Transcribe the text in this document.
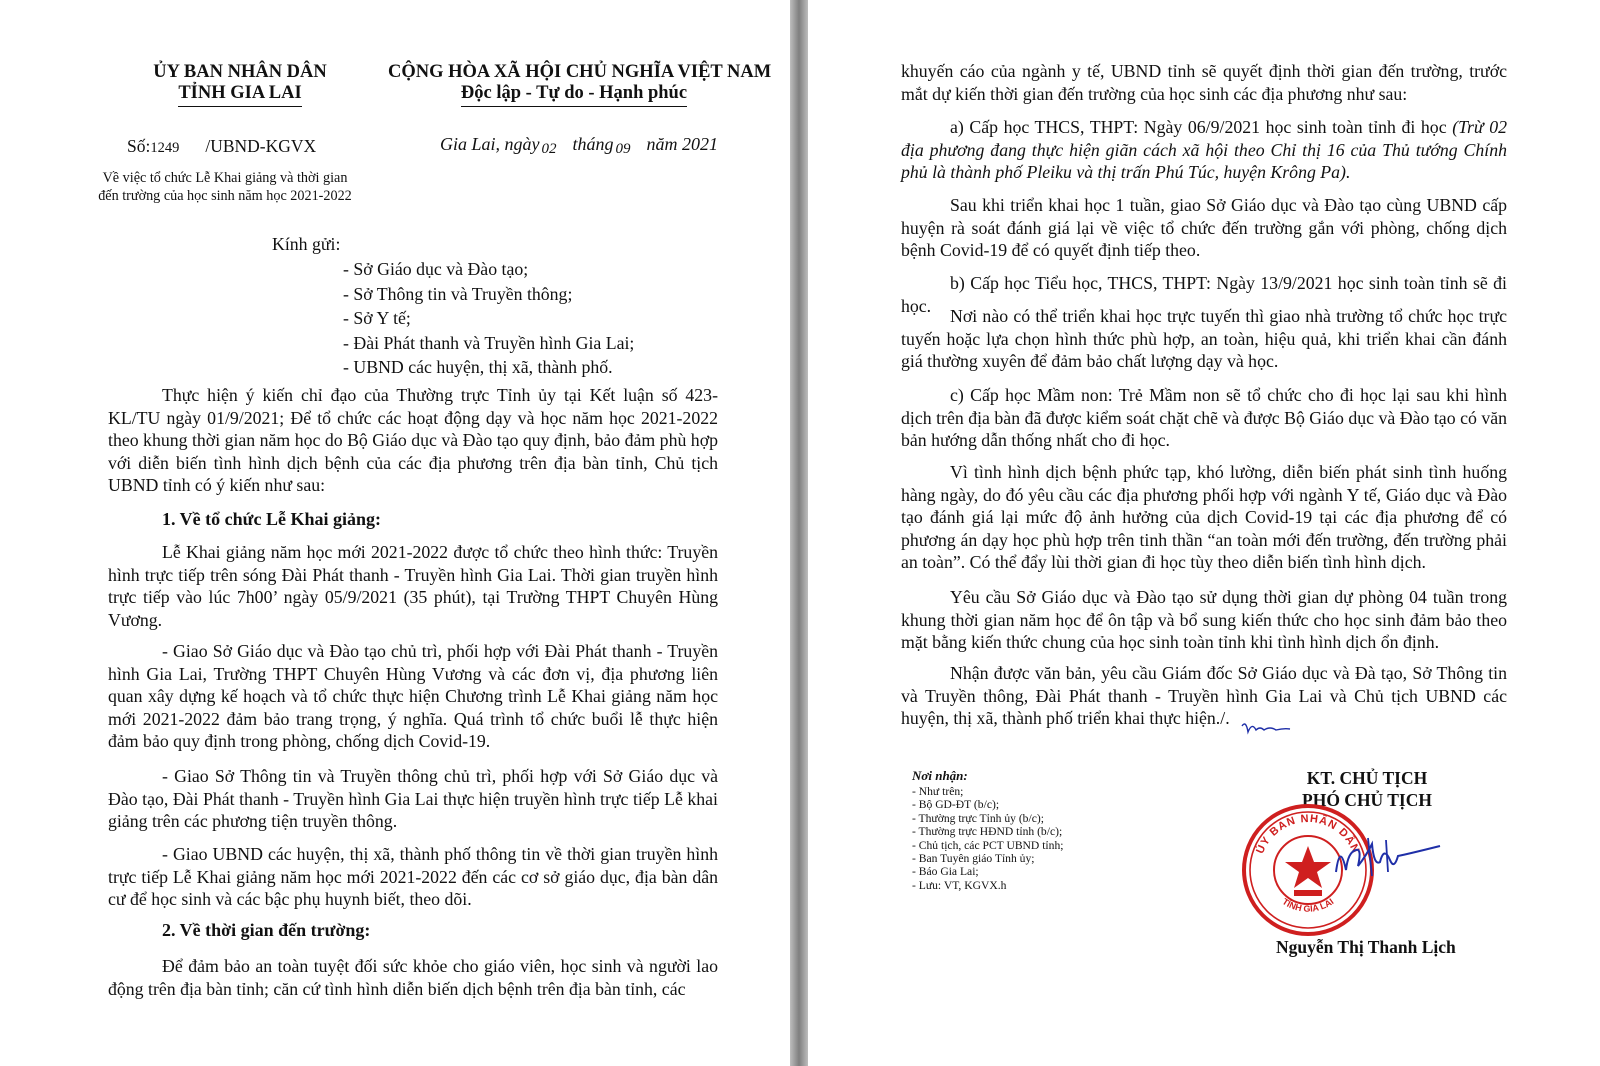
ỦY BAN NHÂN DÂN
TỈNH GIA LAI
CỘNG HÒA XÃ HỘI CHỦ NGHĨA VIỆT NAM
Độc lập - Tự do - Hạnh phúc
Số:1249 /UBND-KGVX	Gia Lai, ngày 02 tháng 09 năm 2021
Về việc tổ chức Lễ Khai giảng và thời gian
đến trường của học sinh năm học 2021-2022
Kính gửi:
- Sở Giáo dục và Đào tạo;
- Sở Thông tin và Truyền thông;
- Sở Y tế;
- Đài Phát thanh và Truyền hình Gia Lai;
- UBND các huyện, thị xã, thành phố.

Thực hiện ý kiến chỉ đạo của Thường trực Tỉnh ủy tại Kết luận số 423-KL/TU ngày 01/9/2021; Để tổ chức các hoạt động dạy và học năm học 2021-2022 theo khung thời gian năm học do Bộ Giáo dục và Đào tạo quy định, bảo đảm phù hợp với diễn biến tình hình dịch bệnh của các địa phương trên địa bàn tỉnh, Chủ tịch UBND tỉnh có ý kiến như sau:

1. Về tổ chức Lễ Khai giảng:

Lễ Khai giảng năm học mới 2021-2022 được tổ chức theo hình thức: Truyền hình trực tiếp trên sóng Đài Phát thanh - Truyền hình Gia Lai. Thời gian truyền hình trực tiếp vào lúc 7h00’ ngày 05/9/2021 (35 phút), tại Trường THPT Chuyên Hùng Vương.

- Giao Sở Giáo dục và Đào tạo chủ trì, phối hợp với Đài Phát thanh - Truyền hình Gia Lai, Trường THPT Chuyên Hùng Vương và các đơn vị, địa phương liên quan xây dựng kế hoạch và tổ chức thực hiện Chương trình Lễ Khai giảng năm học mới 2021-2022 đảm bảo trang trọng, ý nghĩa. Quá trình tổ chức buổi lễ thực hiện đảm bảo quy định trong phòng, chống dịch Covid-19.

- Giao Sở Thông tin và Truyền thông chủ trì, phối hợp với Sở Giáo dục và Đào tạo, Đài Phát thanh - Truyền hình Gia Lai thực hiện truyền hình trực tiếp Lễ khai giảng trên các phương tiện truyền thông.

- Giao UBND các huyện, thị xã, thành phố thông tin về thời gian truyền hình trực tiếp Lễ Khai giảng năm học mới 2021-2022 đến các cơ sở giáo dục, địa bàn dân cư để học sinh và các bậc phụ huynh biết, theo dõi.

2. Về thời gian đến trường:

Để đảm bảo an toàn tuyệt đối sức khỏe cho giáo viên, học sinh và người lao động trên địa bàn tỉnh; căn cứ tình hình diễn biến dịch bệnh trên địa bàn tỉnh, các

khuyến cáo của ngành y tế, UBND tỉnh sẽ quyết định thời gian đến trường, trước mắt dự kiến thời gian đến trường của học sinh các địa phương như sau:

a) Cấp học THCS, THPT: Ngày 06/9/2021 học sinh toàn tỉnh đi học (Trừ 02 địa phương đang thực hiện giãn cách xã hội theo Chỉ thị 16 của Thủ tướng Chính phủ là thành phố Pleiku và thị trấn Phú Túc, huyện Krông Pa).

Sau khi triển khai học 1 tuần, giao Sở Giáo dục và Đào tạo cùng UBND cấp huyện rà soát đánh giá lại về việc tổ chức đến trường gắn với phòng, chống dịch bệnh Covid-19 để có quyết định tiếp theo.

b) Cấp học Tiểu học, THCS, THPT: Ngày 13/9/2021 học sinh toàn tỉnh sẽ đi học.

Nơi nào có thể triển khai học trực tuyến thì giao nhà trường tổ chức học trực tuyến hoặc lựa chọn hình thức phù hợp, an toàn, hiệu quả, khi triển khai cần đánh giá thường xuyên để đảm bảo chất lượng dạy và học.

c) Cấp học Mầm non: Trẻ Mầm non sẽ tổ chức cho đi học lại sau khi hình dịch trên địa bàn đã được kiểm soát chặt chẽ và được Bộ Giáo dục và Đào tạo có văn bản hướng dẫn thống nhất cho đi học.

Vì tình hình dịch bệnh phức tạp, khó lường, diễn biến phát sinh tình huống hàng ngày, do đó yêu cầu các địa phương phối hợp với ngành Y tế, Giáo dục và Đào tạo đánh giá lại mức độ ảnh hưởng của dịch Covid-19 tại các địa phương để có phương án dạy học phù hợp trên tinh thần “an toàn mới đến trường, đến trường phải an toàn”. Có thể đẩy lùi thời gian đi học tùy theo diễn biến tình hình dịch.

Yêu cầu Sở Giáo dục và Đào tạo sử dụng thời gian dự phòng 04 tuần trong khung thời gian năm học để ôn tập và bổ sung kiến thức cho học sinh đảm bảo theo mặt bằng kiến thức chung của học sinh toàn tỉnh khi tình hình dịch ổn định.

Nhận được văn bản, yêu cầu Giám đốc Sở Giáo dục và Đà tạo, Sở Thông tin và Truyền thông, Đài Phát thanh - Truyền hình Gia Lai và Chủ tịch UBND các huyện, thị xã, thành phố triển khai thực hiện./.

Nơi nhận:
- Như trên;
- Bộ GD-ĐT (b/c);
- Thường trực Tỉnh ủy (b/c);
- Thường trực HĐND tỉnh (b/c);
- Chủ tịch, các PCT UBND tỉnh;
- Ban Tuyên giáo Tỉnh ủy;
- Báo Gia Lai;
- Lưu: VT, KGVX.h
KT. CHỦ TỊCH
PHÓ CHỦ TỊCH
ỦY BAN NHÂN DÂN
TỈNH GIA LAI
Nguyễn Thị Thanh Lịch
